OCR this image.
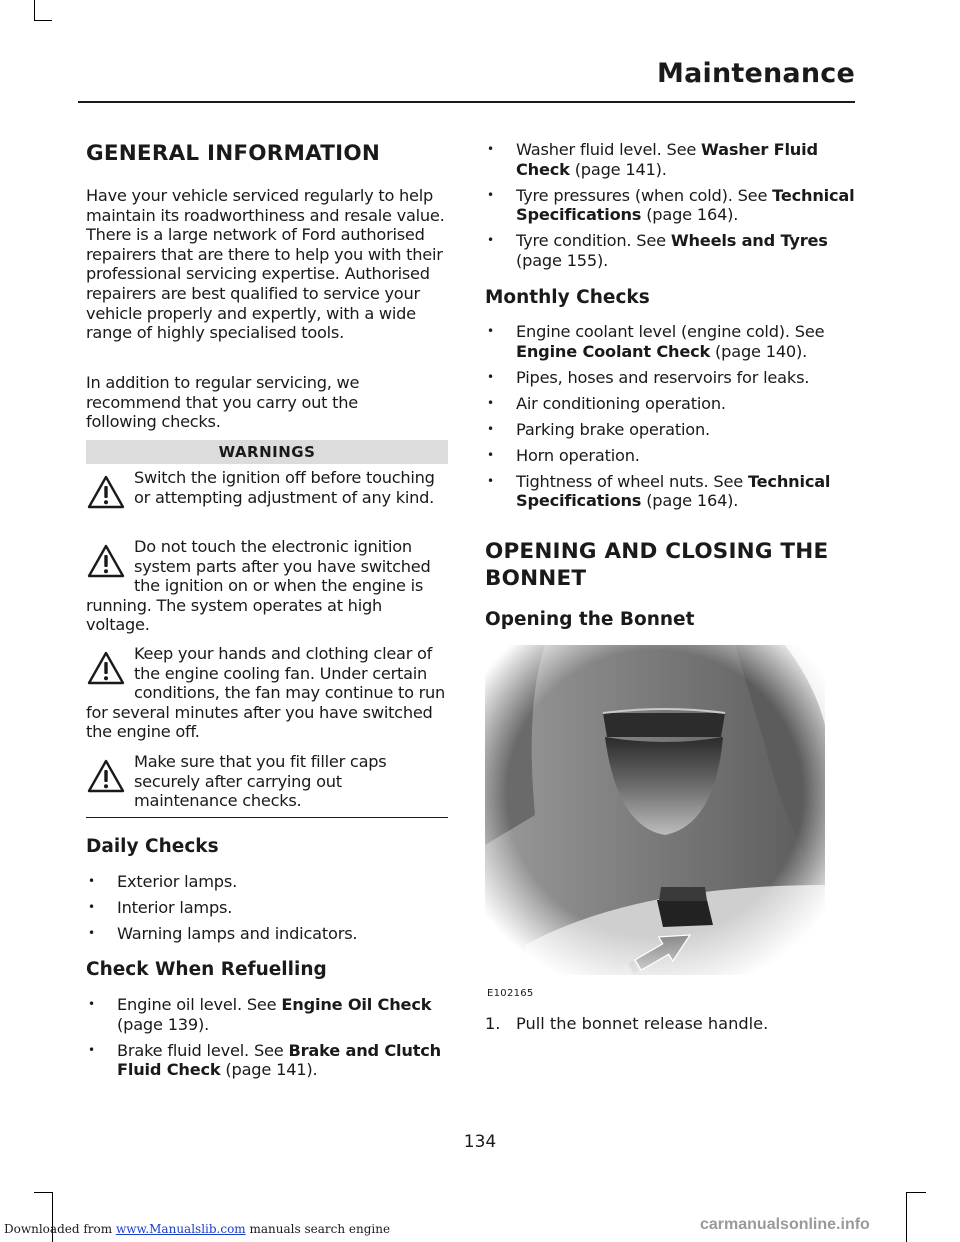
Maintenance
GENERAL INFORMATION

Have your vehicle serviced regularly to help maintain its roadworthiness and resale value. There is a large network of Ford authorised repairers that are there to help you with their professional servicing expertise. Authorised repairers are best qualified to service your vehicle properly and expertly, with a wide range of highly specialised tools.

In addition to regular servicing, we recommend that you carry out the following checks.

WARNINGS
Switch the ignition off before touching or attempting adjustment of any kind.
Do not touch the electronic ignition system parts after you have switched the ignition on or when the engine is running. The system operates at high voltage.
Keep your hands and clothing clear of the engine cooling fan. Under certain conditions, the fan may continue to run for several minutes after you have switched the engine off.
Make sure that you fit filler caps securely after carrying out maintenance checks.
Daily Checks
• Exterior lamps.
• Interior lamps.
• Warning lamps and indicators.
Check When Refuelling
• Engine oil level. See Engine Oil Check (page 139).
• Brake fluid level. See Brake and Clutch Fluid Check (page 141).
• Washer fluid level. See Washer Fluid Check (page 141).
• Tyre pressures (when cold). See Technical Specifications (page 164).
• Tyre condition. See Wheels and Tyres (page 155).
Monthly Checks
• Engine coolant level (engine cold). See Engine Coolant Check (page 140).
• Pipes, hoses and reservoirs for leaks.
• Air conditioning operation.
• Parking brake operation.
• Horn operation.
• Tightness of wheel nuts. See Technical Specifications (page 164).
OPENING AND CLOSING THE
BONNET
Opening the Bonnet
E102165
1. Pull the bonnet release handle.
134
Downloaded from www.Manualslib.com manuals search engine	carmanualsonline.info
